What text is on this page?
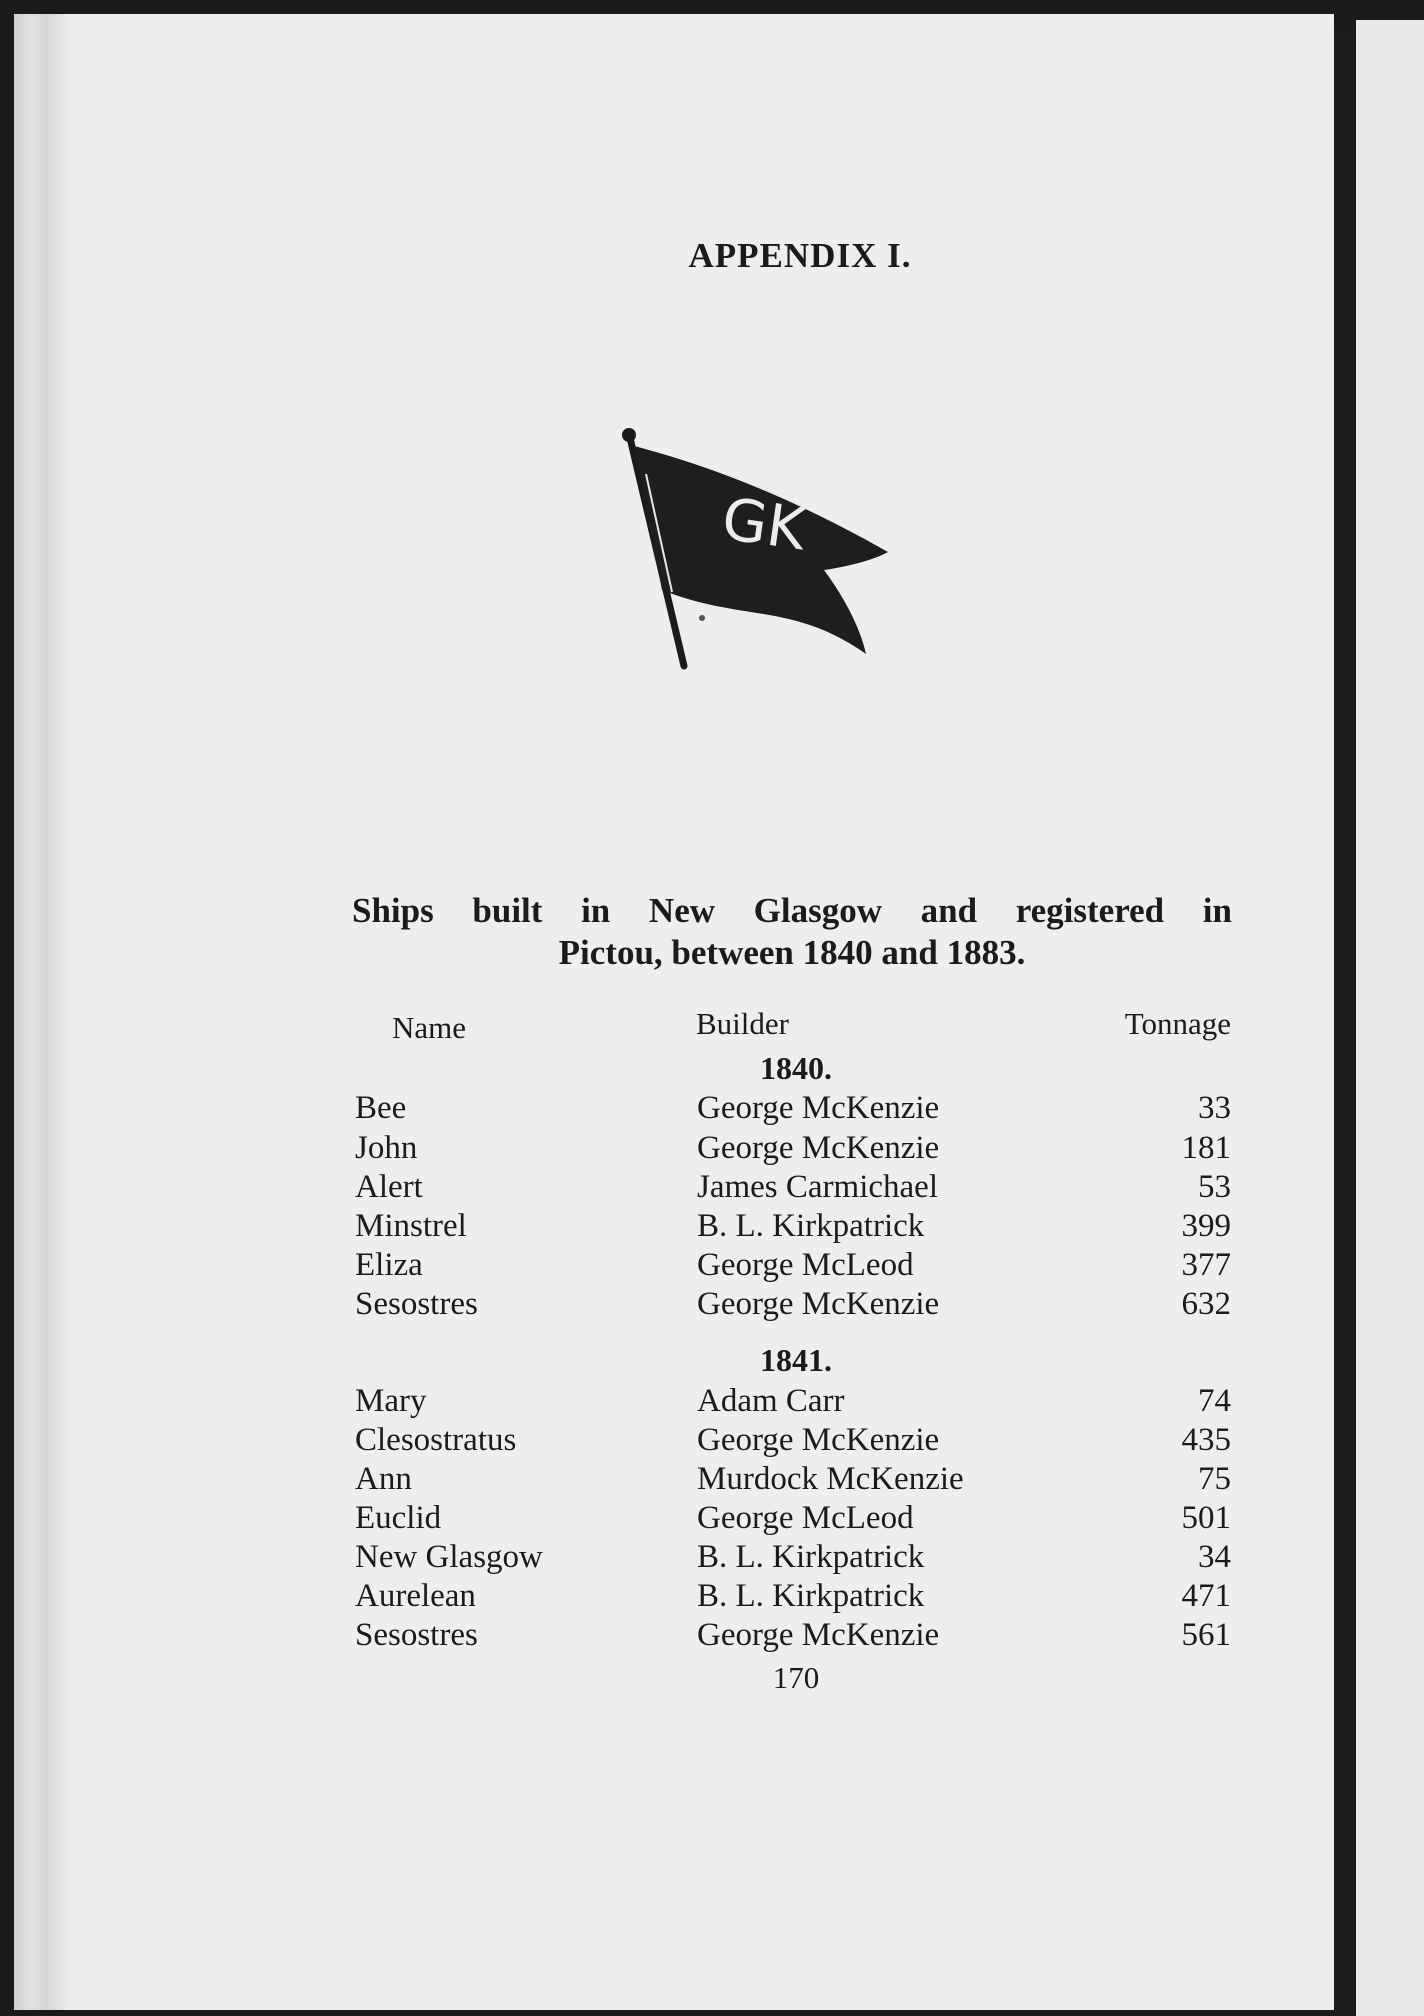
APPENDIX I.
GK
Ships built in New Glasgow and registered in
Pictou, between 1840 and 1883.
Name	Builder	Tonnage
1840.
Bee	George McKenzie	33
John	George McKenzie	181
Alert	James Carmichael	53
Minstrel	B. L. Kirkpatrick	399
Eliza	George McLeod	377
Sesostres	George McKenzie	632
1841.
Mary	Adam Carr	74
Clesostratus	George McKenzie	435
Ann	Murdock McKenzie	75
Euclid	George McLeod	501
New Glasgow	B. L. Kirkpatrick	34
Aurelean	B. L. Kirkpatrick	471
Sesostres	George McKenzie	561
170
